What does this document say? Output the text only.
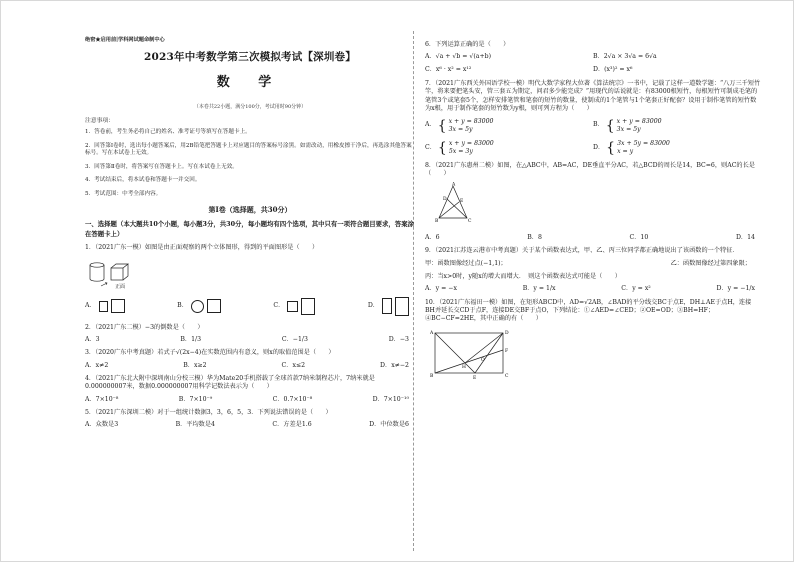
绝密★启用前|学科网试题命制中心
2023年中考数学第三次模拟考试【深圳卷】
数 学
（本卷共22小题，满分100分，考试用时90分钟）
注意事项：
1．答卷前，考生务必将自己的姓名、准考证号等填写在答题卡上。
2．回答第Ⅰ卷时，选出每小题答案后，用2B铅笔把答题卡上对应题目的答案标号涂黑。如需改动，用橡皮擦干净后，再选涂其他答案标号。写在本试卷上无效。
3．回答第Ⅱ卷时，将答案写在答题卡上。写在本试卷上无效。
4．考试结束后，将本试卷和答题卡一并交回。
5．考试范围：中考全部内容。
第Ⅰ卷（选择题，共30分）
一、选择题（本大题共10个小题，每小题3分，共30分，每小题均有四个选项，其中只有一项符合题目要求，答案涂在答题卡上）
1．（2021广东一模）如图是由正面观察的两个立体图形，得到的平面图形是（　　）
正面
A．	B．	C．	D．
2．（2021广东二模）−3的倒数是（　　）
A．3	B．1/3	C．−1/3	D．−3
3．（2020广东中考真题）若式子√(2x−4)在实数范围内有意义，则x的取值范围是（　　）
A．x≠2	B．x≥2	C．x≤2	D．x≠−2
4．（2021广东北大附中深圳南山分校三模）华为Mate20手机搭载了全球首款7纳米制程芯片，7纳米就是0.000000007米，数据0.000000007用科学记数法表示为（　　）
A．7×10⁻⁸	B．7×10⁻⁹	C．0.7×10⁻⁸	D．7×10⁻¹⁰
5．（2021广东深圳二模）对于一组统计数据3，3，6，5，3．下列说法错误的是（　　）
A．众数是3	B．平均数是4	C．方差是1.6	D．中位数是6
6．下列运算正确的是（　　）
A．√a + √b = √(a+b)	B．2√a × 3√a = 6√a
C．x⁶ · x² = x¹²	D．(x³)² = x⁶
7．（2021广东西关外国语学校一模）明代大数学家程大位著《算法统宗》一书中，记载了这样一道数学题：“八万三千短竹竿，将来要把笔头安，管三套五为期定，问君多少能完成？”用现代的话说就是：有83000根短竹，每根短竹可制成毛笔的笔管3个或笔套5个，怎样安排笔管和笔套的短竹的数量，使制成的1个笔管与1个笔套正好配套？设用于制作笔管的短竹数为x根，用于制作笔套的短竹数为y根，则可列方程为（　　）
A． { x + y = 83000
3x = 5y
B． { x + y = 83000
3x = 5y
C． { x + y = 83000
5x = 3y
D． { 3x + 5y = 83000
x = y
8．（2021广东惠州二模）如图，在△ABC中，AB=AC，DE垂直平分AC，若△BCD的周长是14，BC=6，则AC的长是（　　）
A
B	C
D	E
A．6	B．8	C．10	D．14
9．（2021江苏连云港市中考真题）关于某个函数表达式，甲、乙、丙三位同学都正确地说出了该函数的一个特征．
甲：函数图像经过点(−1,1)；	乙：函数图像经过第四象限；
丙：当x>0时，y随x的增大而增大．　则这个函数表达式可能是（　　）
A．y = −x	B．y = 1/x	C．y = x²	D．y = −1/x
10．（2021广东福田一模）如图，在矩形ABCD中，AD=√2AB，∠BAD的平分线交BC于点E，DH⊥AE于点H，连接BH并延长交CD于点F，连接DE交BF于点O，下列结论：①∠AED=∠CED；②OE=OD；③BH=HF；④BC−CF=2HE，其中正确的有（　　）
A
B	C
D
E
F
H
O
